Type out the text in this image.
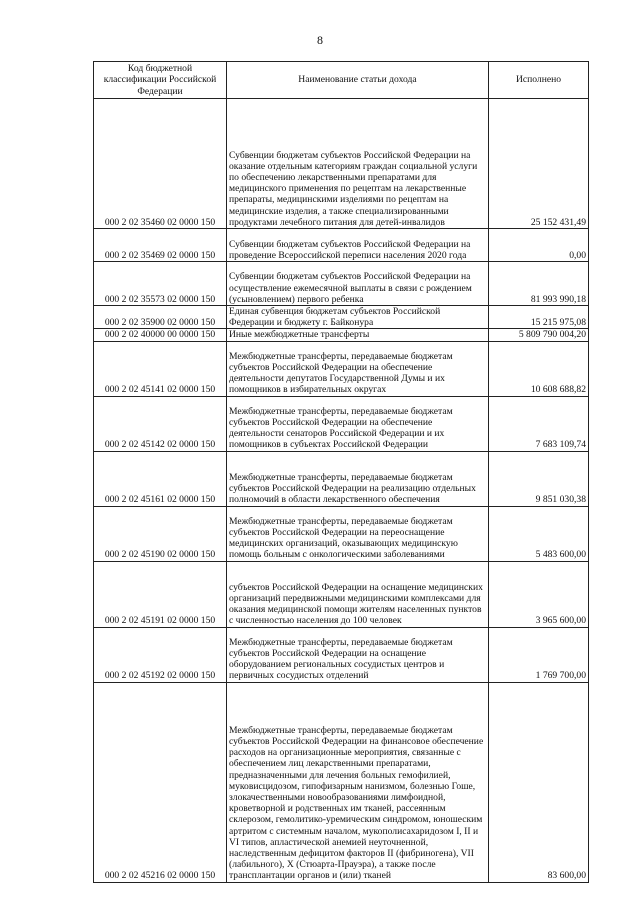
8
Код бюджетной классификации Российской Федерации	Наименование статьи дохода	Исполнено
000 2 02 35460 02 0000 150	Субвенции бюджетам субъектов Российской Федерации на оказание отдельным категориям граждан социальной услуги по обеспечению лекарственными препаратами для медицинского применения по рецептам на лекарственные препараты, медицинскими изделиями по рецептам на медицинские изделия, а также специализированными продуктами лечебного питания для детей-инвалидов	25 152 431,49
000 2 02 35469 02 0000 150	Субвенции бюджетам субъектов Российской Федерации на проведение Всероссийской переписи населения 2020 года	0,00
000 2 02 35573 02 0000 150	Субвенции бюджетам субъектов Российской Федерации на осуществление ежемесячной выплаты в связи с рождением (усыновлением) первого ребенка	81 993 990,18
000 2 02 35900 02 0000 150	Единая субвенция бюджетам субъектов Российской Федерации и бюджету г. Байконура	15 215 975,08
000 2 02 40000 00 0000 150	Иные межбюджетные трансферты	5 809 790 004,20
000 2 02 45141 02 0000 150	Межбюджетные трансферты, передаваемые бюджетам субъектов Российской Федерации на обеспечение деятельности депутатов Государственной Думы и их помощников в избирательных округах	10 608 688,82
000 2 02 45142 02 0000 150	Межбюджетные трансферты, передаваемые бюджетам субъектов Российской Федерации на обеспечение деятельности сенаторов Российской Федерации и их помощников в субъектах Российской Федерации	7 683 109,74
000 2 02 45161 02 0000 150	Межбюджетные трансферты, передаваемые бюджетам субъектов Российской Федерации на реализацию отдельных полномочий в области лекарственного обеспечения	9 851 030,38
000 2 02 45190 02 0000 150	Межбюджетные трансферты, передаваемые бюджетам субъектов Российской Федерации на переоснащение медицинских организаций, оказывающих медицинскую помощь больным с онкологическими заболеваниями	5 483 600,00
000 2 02 45191 02 0000 150	субъектов Российской Федерации на оснащение медицинских организаций передвижными медицинскими комплексами для оказания медицинской помощи жителям населенных пунктов с численностью населения до 100 человек	3 965 600,00
000 2 02 45192 02 0000 150	Межбюджетные трансферты, передаваемые бюджетам субъектов Российской Федерации на оснащение оборудованием региональных сосудистых центров и первичных сосудистых отделений	1 769 700,00
000 2 02 45216 02 0000 150	Межбюджетные трансферты, передаваемые бюджетам субъектов Российской Федерации на финансовое обеспечение расходов на организационные мероприятия, связанные с обеспечением лиц лекарственными препаратами, предназначенными для лечения больных гемофилией, муковисцидозом, гипофизарным нанизмом, болезнью Гоше, злокачественными новообразованиями лимфоидной, кроветворной и родственных им тканей, рассеянным склерозом, гемолитико-уремическим синдромом, юношеским артритом с системным началом, мукополисахаридозом I, II и VI типов, апластической анемией неуточненной, наследственным дефицитом факторов II (фибриногена), VII (лабильного), X (Стюарта-Прауэра), а также после трансплантации органов и (или) тканей	83 600,00
